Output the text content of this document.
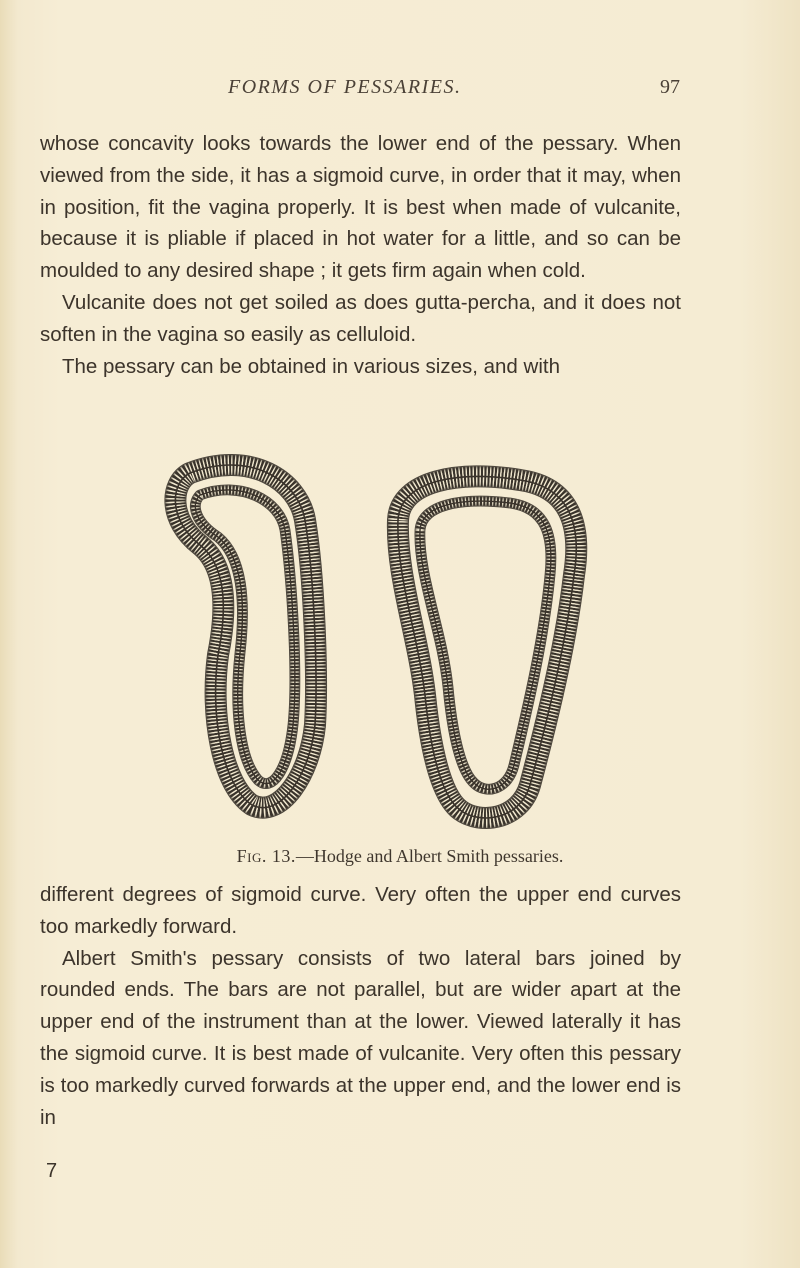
FORMS OF PESSARIES.	97

whose concavity looks towards the lower end of the pessary. When viewed from the side, it has a sigmoid curve, in order that it may, when in position, fit the vagina properly. It is best when made of vulcanite, because it is pliable if placed in hot water for a little, and so can be moulded to any desired shape ; it gets firm again when cold.

Vulcanite does not get soiled as does gutta-percha, and it does not soften in the vagina so easily as celluloid.

The pessary can be obtained in various sizes, and with

Fig. 13.—Hodge and Albert Smith pessaries.

different degrees of sigmoid curve. Very often the upper end curves too markedly forward.

Albert Smith's pessary consists of two lateral bars joined by rounded ends. The bars are not parallel, but are wider apart at the upper end of the instrument than at the lower. Viewed laterally it has the sigmoid curve. It is best made of vulcanite. Very often this pessary is too markedly curved forwards at the upper end, and the lower end is in

7
